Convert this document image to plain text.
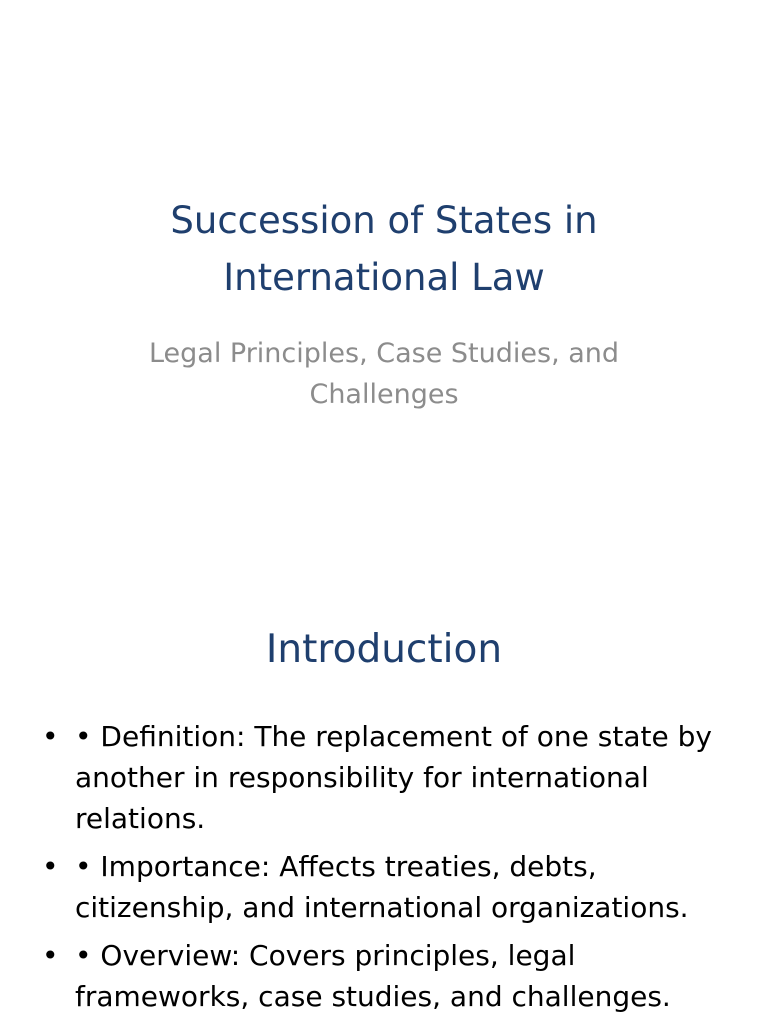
Succession of States in International Law

Legal Principles, Case Studies, and Challenges

Introduction
• • Definition: The replacement of one state by another in responsibility for international relations.
• • Importance: Affects treaties, debts, citizenship, and international organizations.
• • Overview: Covers principles, legal frameworks, case studies, and challenges.
